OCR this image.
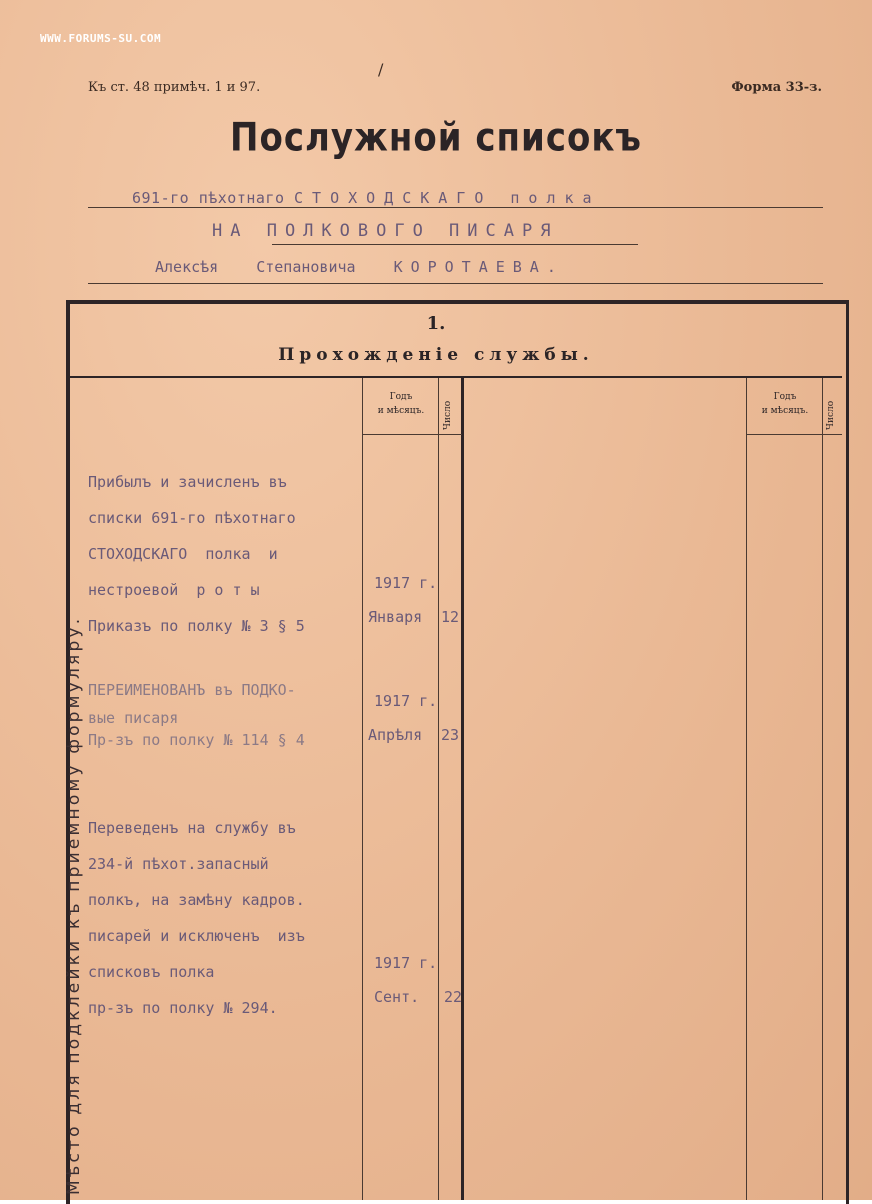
WWW.FORUMS-SU.COM
/
Къ ст. 48 примѣч. 1 и 97.	Форма 33-з.
Послужной списокъ
691-го пѣхотнаго СТОХОДСКАГО полка
НА ПОЛКОВОГО ПИСАРЯ
Алексѣя	Степановича	КОРОТАЕВА.
1.
Прохожденіе службы.
Годъ
и мѣсяцъ.	Число
Годъ
и мѣсяцъ.	Число
Прибылъ и зачисленъ въ
списки 691-го пѣхотнаго
СТОХОДСКАГО  полка  и
нестроевой  р о т ы
Приказъ по полку № 3 § 5
1917 г.
Января 12
ПЕРЕИМЕНОВАНЪ въ ПОДКО-
вые писаря
Пр-зъ по полку № 114 § 4
1917 г.
Апрѣля 23
Переведенъ на службу въ
234-й пѣхот.запасный
полкъ, на замѣну кадров.
писарей и исключенъ  изъ
списковъ полка
пр-зъ по полку № 294.
1917 г.
Сент. 22
Мѣсто для подклейки къ приемному формуляру.
